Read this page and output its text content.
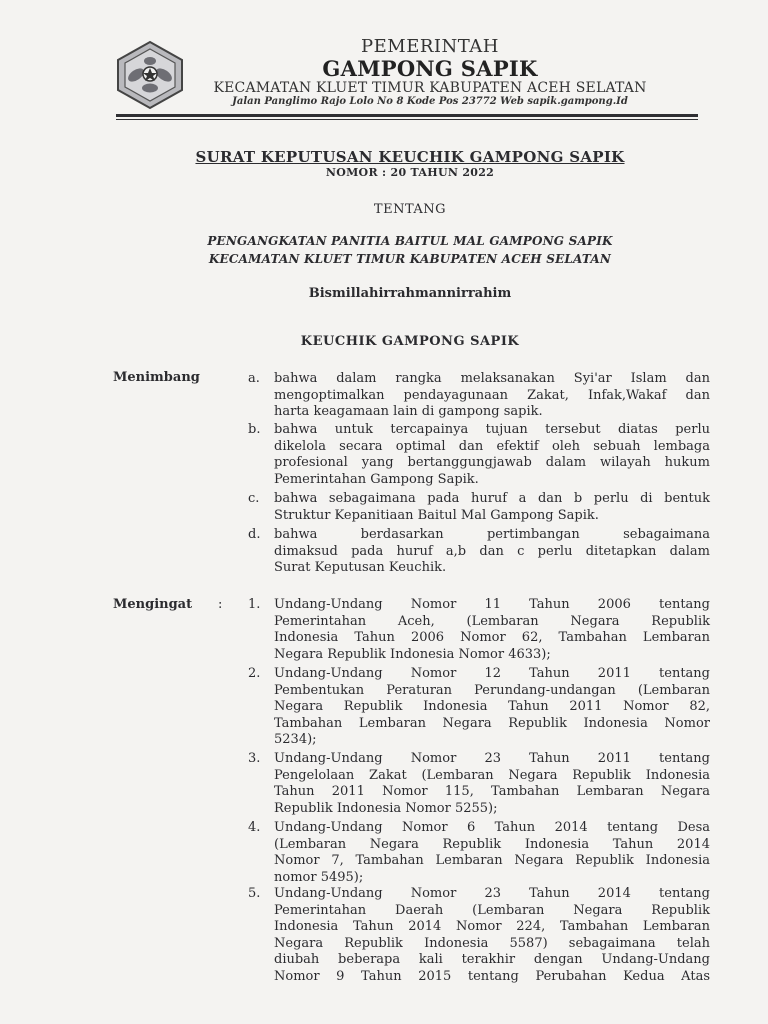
PEMERINTAH
GAMPONG SAPIK
KECAMATAN KLUET TIMUR KABUPATEN ACEH SELATAN
Jalan Panglimo Rajo Lolo No 8 Kode Pos 23772 Web sapik.gampong.Id
SURAT KEPUTUSAN KEUCHIK GAMPONG SAPIK
NOMOR : 20 TAHUN 2022
TENTANG
PENGANGKATAN PANITIA BAITUL MAL GAMPONG SAPIK
KECAMATAN KLUET TIMUR KABUPATEN ACEH SELATAN
Bismillahirrahmannirrahim
KEUCHIK GAMPONG SAPIK
Menimbang	a. bahwa dalam rangka melaksanakan Syi'ar Islam dan
mengoptimalkan pendayagunaan Zakat, Infak,Wakaf dan
harta keagamaan lain di gampong sapik.
b. bahwa untuk tercapainya tujuan tersebut diatas perlu
dikelola secara optimal dan efektif oleh sebuah lembaga
profesional yang bertanggungjawab dalam wilayah hukum
Pemerintahan Gampong Sapik.
c. bahwa sebagaimana pada huruf a dan b perlu di bentuk
Struktur Kepanitiaan Baitul Mal Gampong Sapik.
d. bahwa berdasarkan pertimbangan sebagaimana
dimaksud pada huruf a,b dan c perlu ditetapkan dalam
Surat Keputusan Keuchik.
Mengingat : 1. Undang-Undang Nomor 11 Tahun 2006 tentang
Pemerintahan Aceh, (Lembaran Negara Republik
Indonesia Tahun 2006 Nomor 62, Tambahan Lembaran
Negara Republik Indonesia Nomor 4633);
2. Undang-Undang Nomor 12 Tahun 2011 tentang
Pembentukan Peraturan Perundang-undangan (Lembaran
Negara Republik Indonesia Tahun 2011 Nomor 82,
Tambahan Lembaran Negara Republik Indonesia Nomor
5234);
3. Undang-Undang Nomor 23 Tahun 2011 tentang
Pengelolaan Zakat (Lembaran Negara Republik Indonesia
Tahun 2011 Nomor 115, Tambahan Lembaran Negara
Republik Indonesia Nomor 5255);
4. Undang-Undang Nomor 6 Tahun 2014 tentang Desa
(Lembaran Negara Republik Indonesia Tahun 2014
Nomor 7, Tambahan Lembaran Negara Republik Indonesia
nomor 5495);
5. Undang-Undang Nomor 23 Tahun 2014 tentang
Pemerintahan Daerah (Lembaran Negara Republik
Indonesia Tahun 2014 Nomor 224, Tambahan Lembaran
Negara Republik Indonesia 5587) sebagaimana telah
diubah beberapa kali terakhir dengan Undang-Undang
Nomor 9 Tahun 2015 tentang Perubahan Kedua Atas
